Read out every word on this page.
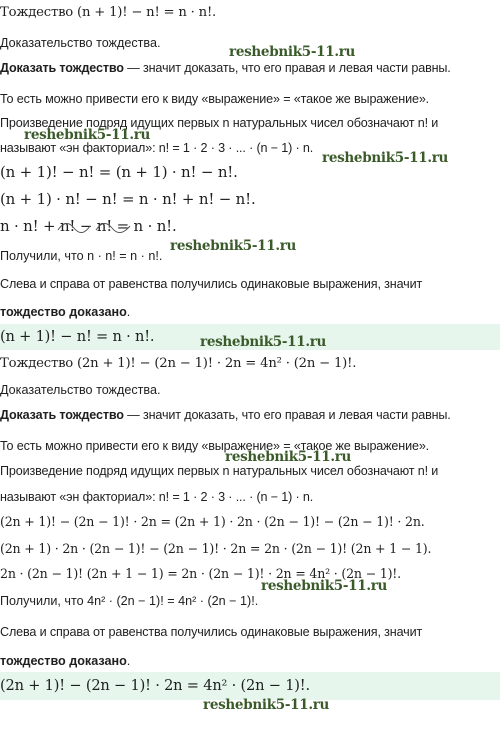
Тождество (n + 1)! − n! = n · n!.
Доказательство тождества.
Доказать тождество — значит доказать, что его правая и левая части равны.
То есть можно привести его к виду «выражение» = «такое же выражение».
Произведение подряд идущих первых n натуральных чисел обозначают n! и
называют «эн факториал»: n! = 1 · 2 · 3 · ... · (n − 1) · n.
(n + 1)! − n! = (n + 1) · n! − n!.
(n + 1) · n! − n! = n · n! + n! − n!.
n · n! + n! − n! = n · n!.
Получили, что n · n! = n · n!.
Слева и справа от равенства получились одинаковые выражения, значит
тождество доказано.
(n + 1)! − n! = n · n!.
Тождество (2n + 1)! − (2n − 1)! · 2n = 4n² · (2n − 1)!.
Доказательство тождества.
Доказать тождество — значит доказать, что его правая и левая части равны.
То есть можно привести его к виду «выражение» = «такое же выражение».
Произведение подряд идущих первых n натуральных чисел обозначают n! и
называют «эн факториал»: n! = 1 · 2 · 3 · ... · (n − 1) · n.
(2n + 1)! − (2n − 1)! · 2n = (2n + 1) · 2n · (2n − 1)! − (2n − 1)! · 2n.
(2n + 1) · 2n · (2n − 1)! − (2n − 1)! · 2n = 2n · (2n − 1)! (2n + 1 − 1).
2n · (2n − 1)! (2n + 1 − 1) = 2n · (2n − 1)! · 2n = 4n² · (2n − 1)!.
Получили, что 4n² · (2n − 1)! = 4n² · (2n − 1)!.
Слева и справа от равенства получились одинаковые выражения, значит
тождество доказано.
(2n + 1)! − (2n − 1)! · 2n = 4n² · (2n − 1)!.
reshebnik5-11.ru
reshebnik5-11.ru
reshebnik5-11.ru
reshebnik5-11.ru
reshebnik5-11.ru
reshebnik5-11.ru
reshebnik5-11.ru
reshebnik5-11.ru
